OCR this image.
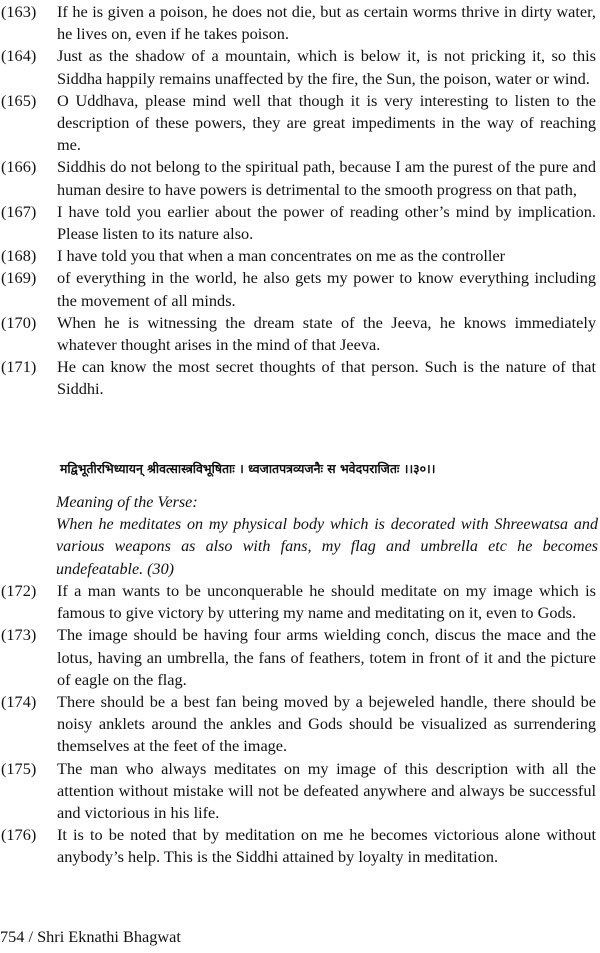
(163)	If he is given a poison, he does not die, but as certain worms thrive in dirty water, he lives on, even if he takes poison.
(164)	Just as the shadow of a mountain, which is below it, is not pricking it, so this Siddha happily remains unaffected by the fire, the Sun, the poison, water or wind.
(165)	O Uddhava, please mind well that though it is very interesting to listen to the description of these powers, they are great impediments in the way of reaching me.
(166)	Siddhis do not belong to the spiritual path, because I am the purest of the pure and human desire to have powers is detrimental to the smooth progress on that path,
(167)	I have told you earlier about the power of reading other’s mind by implication. Please listen to its nature also.
(168)	I have told you that when a man concentrates on me as the controller
(169)	of everything in the world, he also gets my power to know everything including the movement of all minds.
(170)	When he is witnessing the dream state of the Jeeva, he knows immediately whatever thought arises in the mind of that Jeeva.
(171)	He can know the most secret thoughts of that person. Such is the nature of that Siddhi.
मद्विभूतीरभिध्यायन् श्रीवत्सास्त्रविभूषिताः । ध्वजातपत्रव्यजनैः स भवेदपराजितः ।।३०।।

Meaning of the Verse:

When he meditates on my physical body which is decorated with Shreewatsa and various weapons as also with fans, my flag and umbrella etc he becomes undefeatable. (30)

(172)	If a man wants to be unconquerable he should meditate on my image which is famous to give victory by uttering my name and meditating on it, even to Gods.
(173)	The image should be having four arms wielding conch, discus the mace and the lotus, having an umbrella, the fans of feathers, totem in front of it and the picture of eagle on the flag.
(174)	There should be a best fan being moved by a bejeweled handle, there should be noisy anklets around the ankles and Gods should be visualized as surrendering themselves at the feet of the image.
(175)	The man who always meditates on my image of this description with all the attention without mistake will not be defeated anywhere and always be successful and victorious in his life.
(176)	It is to be noted that by meditation on me he becomes victorious alone without anybody’s help. This is the Siddhi attained by loyalty in meditation.
754 / Shri Eknathi Bhagwat
